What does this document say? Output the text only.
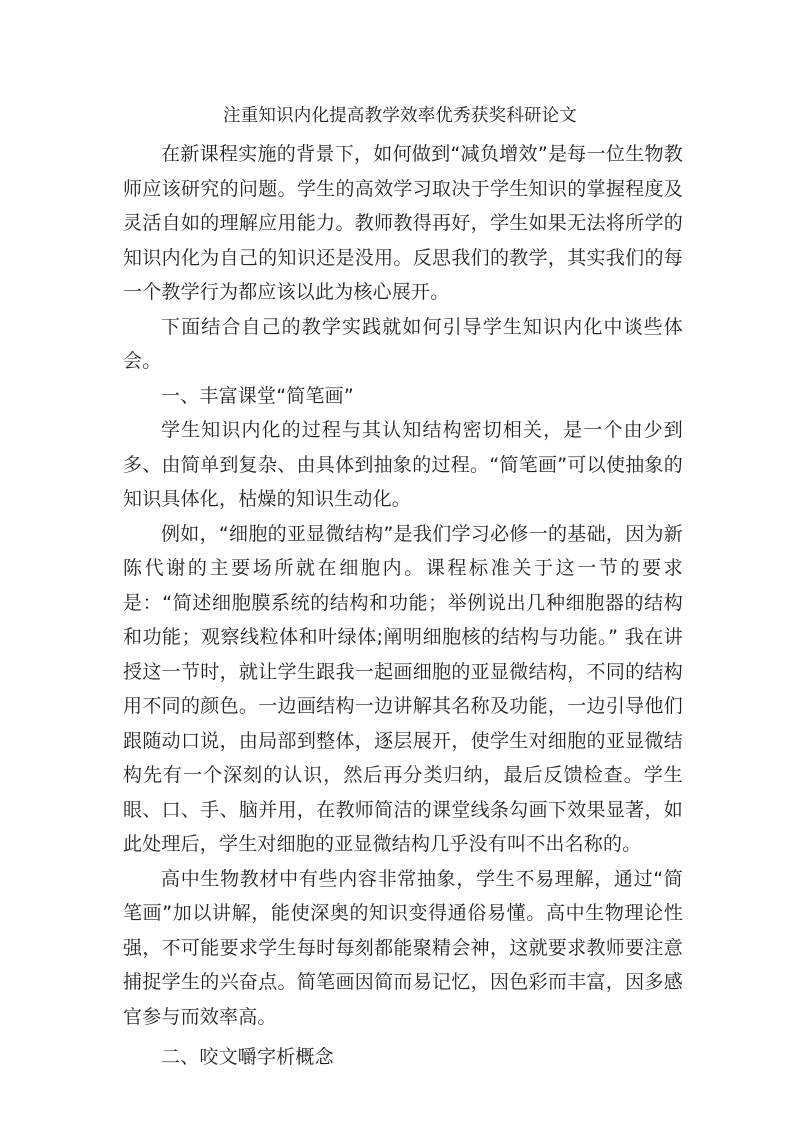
注重知识内化提高教学效率优秀获奖科研论文

在新课程实施的背景下，如何做到“减负增效”是每一位生物教师应该研究的问题。学生的高效学习取决于学生知识的掌握程度及灵活自如的理解应用能力。教师教得再好，学生如果无法将所学的知识内化为自己的知识还是没用。反思我们的教学，其实我们的每一个教学行为都应该以此为核心展开。

下面结合自己的教学实践就如何引导学生知识内化中谈些体会。

一、丰富课堂“简笔画”

学生知识内化的过程与其认知结构密切相关，是一个由少到多、由简单到复杂、由具体到抽象的过程。“简笔画”可以使抽象的知识具体化，枯燥的知识生动化。

例如，“细胞的亚显微结构”是我们学习必修一的基础，因为新陈代谢的主要场所就在细胞内。课程标准关于这一节的要求是：“简述细胞膜系统的结构和功能；举例说出几种细胞器的结构和功能；观察线粒体和叶绿体;阐明细胞核的结构与功能。” 我在讲授这一节时，就让学生跟我一起画细胞的亚显微结构，不同的结构用不同的颜色。一边画结构一边讲解其名称及功能，一边引导他们跟随动口说，由局部到整体，逐层展开，使学生对细胞的亚显微结构先有一个深刻的认识，然后再分类归纳，最后反馈检查。学生眼、口、手、脑并用，在教师简洁的课堂线条勾画下效果显著，如此处理后，学生对细胞的亚显微结构几乎没有叫不出名称的。

高中生物教材中有些内容非常抽象，学生不易理解，通过“简笔画”加以讲解，能使深奥的知识变得通俗易懂。高中生物理论性强，不可能要求学生每时每刻都能聚精会神，这就要求教师要注意捕捉学生的兴奋点。简笔画因简而易记忆，因色彩而丰富，因多感官参与而效率高。

二、咬文嚼字析概念
